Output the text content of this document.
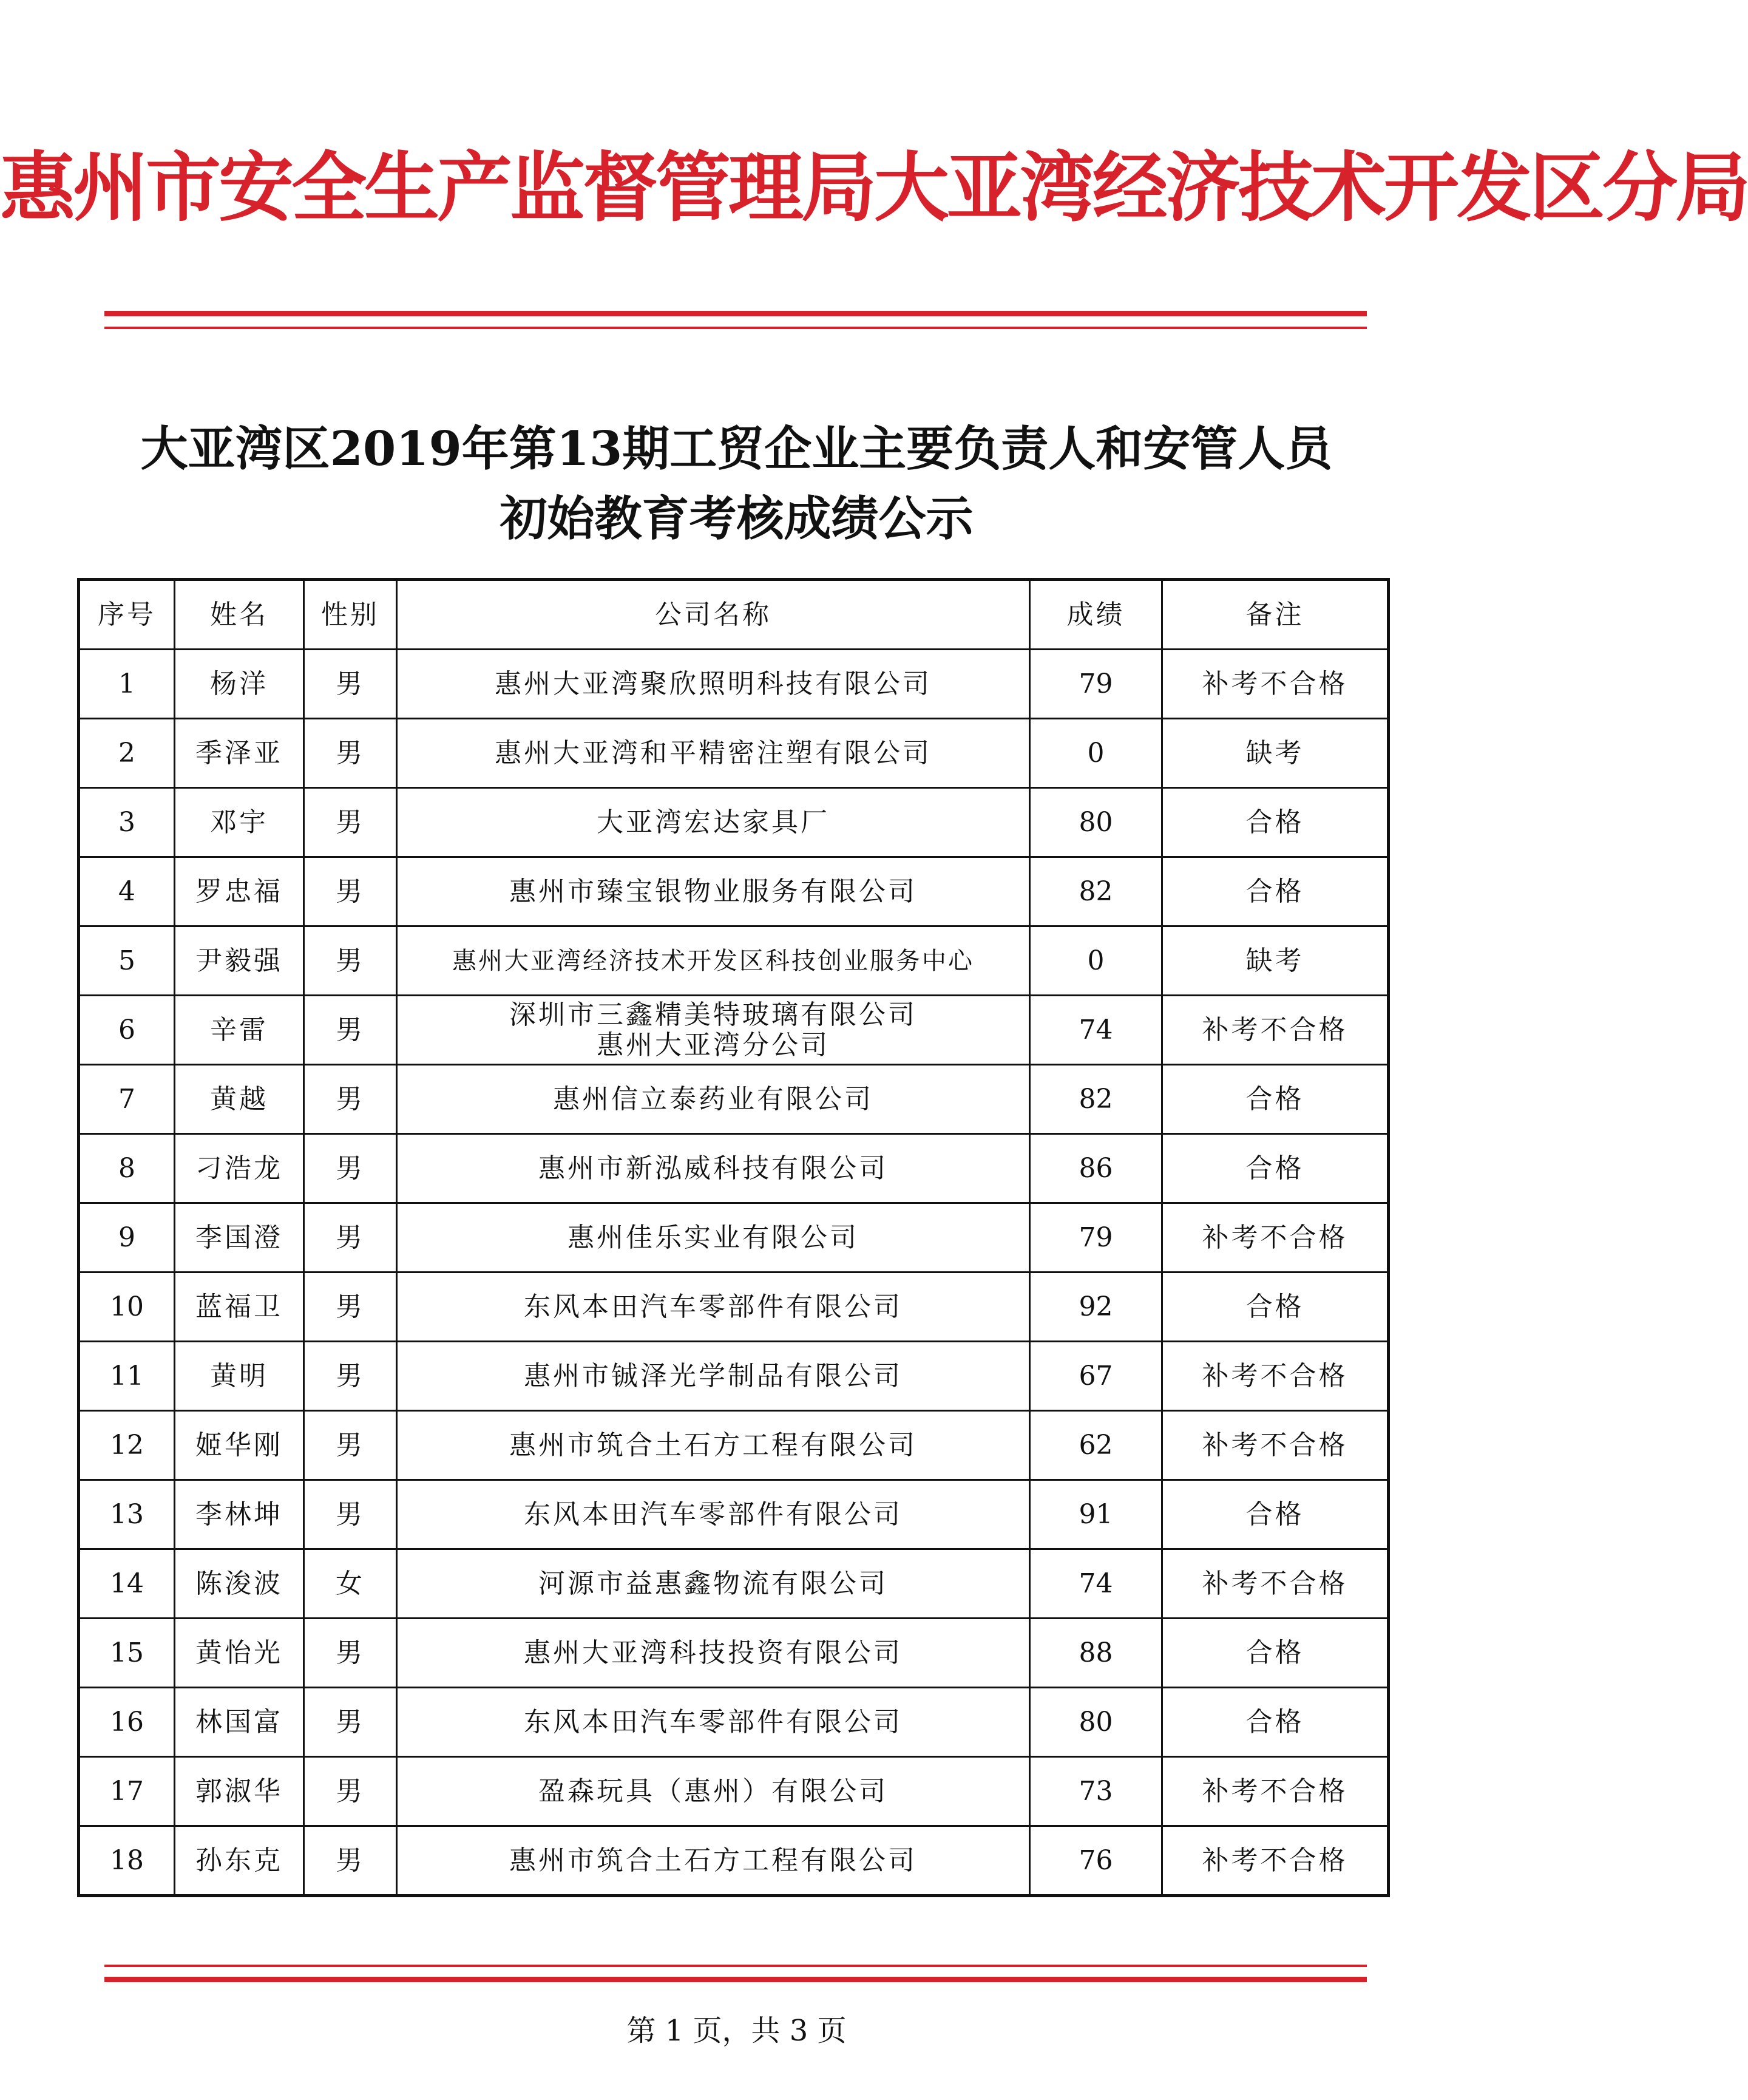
惠州市安全生产监督管理局大亚湾经济技术开发区分局
大亚湾区2019年第13期工贸企业主要负责人和安管人员
初始教育考核成绩公示
序号	姓名	性别	公司名称	成绩	备注
1	杨洋	男	惠州大亚湾聚欣照明科技有限公司	79	补考不合格
2	季泽亚	男	惠州大亚湾和平精密注塑有限公司	0	缺考
3	邓宇	男	大亚湾宏达家具厂	80	合格
4	罗忠福	男	惠州市臻宝银物业服务有限公司	82	合格
5	尹毅强	男	惠州大亚湾经济技术开发区科技创业服务中心	0	缺考
6	辛雷	男	深圳市三鑫精美特玻璃有限公司
惠州大亚湾分公司	74	补考不合格
7	黄越	男	惠州信立泰药业有限公司	82	合格
8	刁浩龙	男	惠州市新泓威科技有限公司	86	合格
9	李国澄	男	惠州佳乐实业有限公司	79	补考不合格
10	蓝福卫	男	东风本田汽车零部件有限公司	92	合格
11	黄明	男	惠州市铖泽光学制品有限公司	67	补考不合格
12	姬华刚	男	惠州市筑合土石方工程有限公司	62	补考不合格
13	李林坤	男	东风本田汽车零部件有限公司	91	合格
14	陈浚波	女	河源市益惠鑫物流有限公司	74	补考不合格
15	黄怡光	男	惠州大亚湾科技投资有限公司	88	合格
16	林国富	男	东风本田汽车零部件有限公司	80	合格
17	郭淑华	男	盈森玩具（惠州）有限公司	73	补考不合格
18	孙东克	男	惠州市筑合土石方工程有限公司	76	补考不合格
第 1 页，共 3 页
